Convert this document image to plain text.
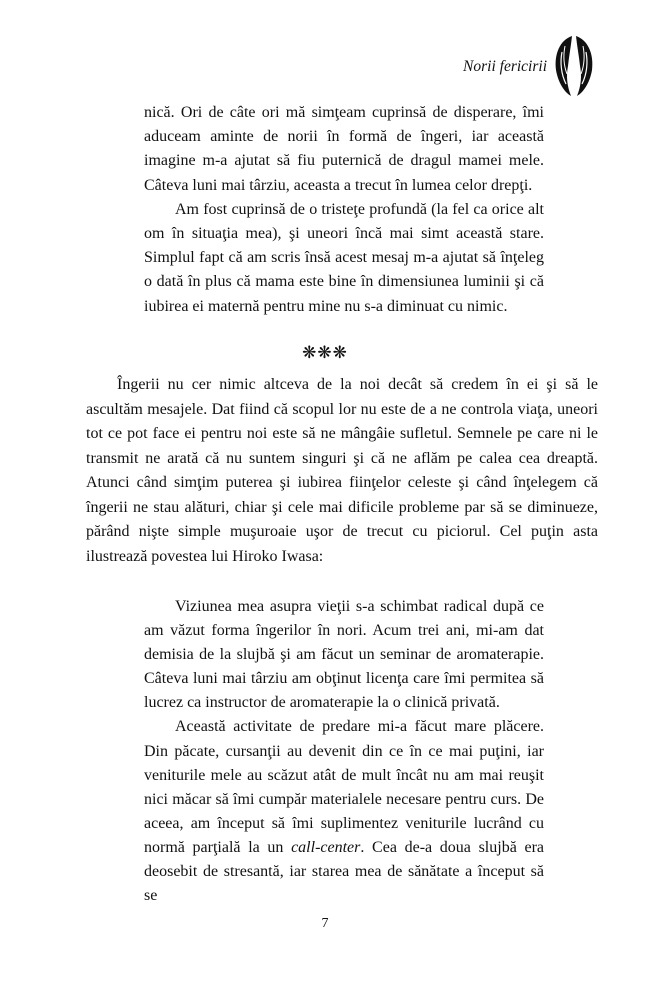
Norii fericirii

nică. Ori de câte ori mă simţeam cuprinsă de disperare, îmi aduceam aminte de norii în formă de îngeri, iar această imagine m-a ajutat să fiu puternică de dragul mamei mele. Câteva luni mai târziu, aceasta a trecut în lumea celor drepţi.

Am fost cuprinsă de o tristeţe profundă (la fel ca orice alt om în situaţia mea), şi uneori încă mai simt această stare. Simplul fapt că am scris însă acest mesaj m-a ajutat să înţeleg o dată în plus că mama este bine în dimensiunea luminii şi că iubirea ei maternă pentru mine nu s-a diminuat cu nimic.

❋❋❋

Îngerii nu cer nimic altceva de la noi decât să credem în ei şi să le ascultăm mesajele. Dat fiind că scopul lor nu este de a ne controla viaţa, uneori tot ce pot face ei pentru noi este să ne mângâie sufletul. Semnele pe care ni le transmit ne arată că nu suntem singuri şi că ne aflăm pe calea cea dreaptă. Atunci când simţim puterea şi iubirea fiinţelor celeste şi când înţelegem că îngerii ne stau alături, chiar şi cele mai dificile probleme par să se diminueze, părând nişte simple muşuroaie uşor de trecut cu piciorul. Cel puţin asta ilustrează povestea lui Hiroko Iwasa:

Viziunea mea asupra vieţii s-a schimbat radical după ce am văzut forma îngerilor în nori. Acum trei ani, mi-am dat demisia de la slujbă şi am făcut un seminar de aromaterapie. Câteva luni mai târziu am obţinut licenţa care îmi permitea să lucrez ca instructor de aromaterapie la o clinică privată.

Această activitate de predare mi-a făcut mare plăcere. Din păcate, cursanţii au devenit din ce în ce mai puţini, iar veniturile mele au scăzut atât de mult încât nu am mai reuşit nici măcar să îmi cumpăr materialele necesare pentru curs. De aceea, am început să îmi suplimentez veniturile lucrând cu normă parţială la un call-center. Cea de-a doua slujbă era deosebit de stresantă, iar starea mea de sănătate a început să se

7
